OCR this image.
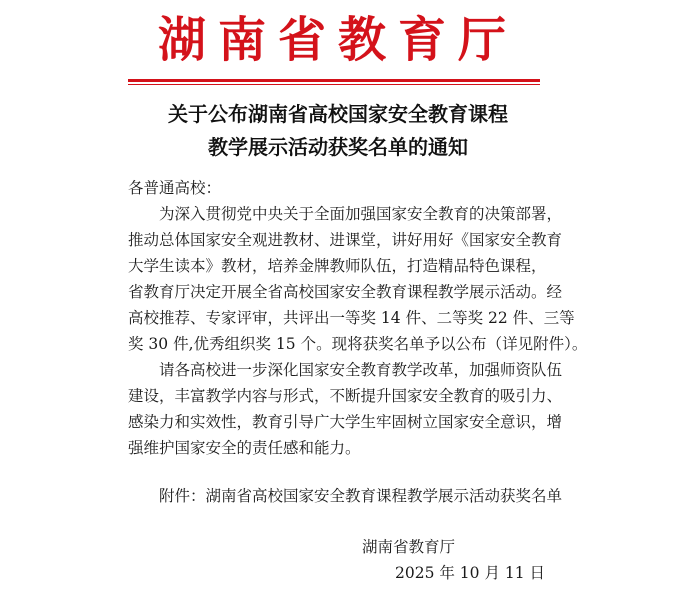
湖南省教育厅
关于公布湖南省高校国家安全教育课程
教学展示活动获奖名单的通知
各普通高校：
　　为深入贯彻党中央关于全面加强国家安全教育的决策部署，
推动总体国家安全观进教材、进课堂，讲好用好《国家安全教育
大学生读本》教材，培养金牌教师队伍，打造精品特色课程，
省教育厅决定开展全省高校国家安全教育课程教学展示活动。经
高校推荐、专家评审，共评出一等奖 14 件、二等奖 22 件、三等
奖 30 件,优秀组织奖 15 个。现将获奖名单予以公布（详见附件）。
　　请各高校进一步深化国家安全教育教学改革，加强师资队伍
建设，丰富教学内容与形式，不断提升国家安全教育的吸引力、
感染力和实效性，教育引导广大学生牢固树立国家安全意识，增
强维护国家安全的责任感和能力。
　　附件：湖南省高校国家安全教育课程教学展示活动获奖名单
湖南省教育厅
2025 年 10 月 11 日
